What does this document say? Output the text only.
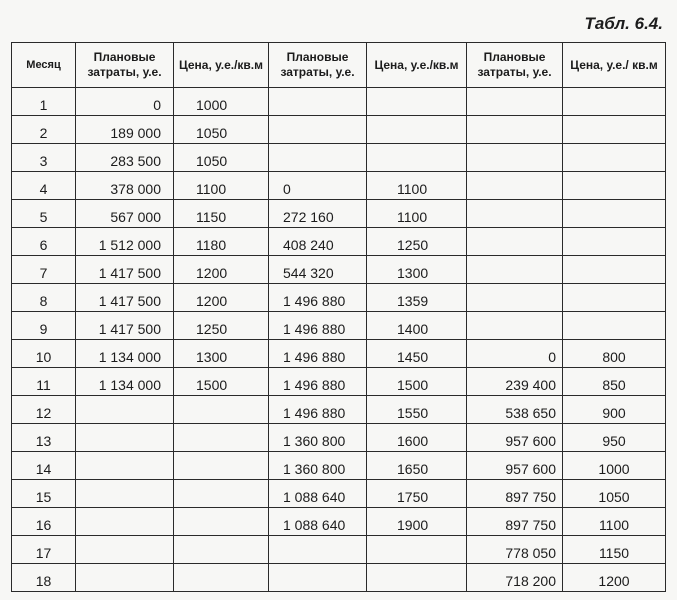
Табл. 6.4.
Месяц	Плановые затраты, у.е.	Цена, у.е./кв.м	Плановые затраты, у.е.	Цена, у.е./кв.м	Плановые затраты, у.е.	Цена, у.е./ кв.м
1	0	1000				
2	189 000	1050				
3	283 500	1050				
4	378 000	1100	0	1100		
5	567 000	1150	272 160	1100		
6	1 512 000	1180	408 240	1250		
7	1 417 500	1200	544 320	1300		
8	1 417 500	1200	1 496 880	1359		
9	1 417 500	1250	1 496 880	1400		
10	1 134 000	1300	1 496 880	1450	0	800
11	1 134 000	1500	1 496 880	1500	239 400	850
12			1 496 880	1550	538 650	900
13			1 360 800	1600	957 600	950
14			1 360 800	1650	957 600	1000
15			1 088 640	1750	897 750	1050
16			1 088 640	1900	897 750	1100
17					778 050	1150
18					718 200	1200
